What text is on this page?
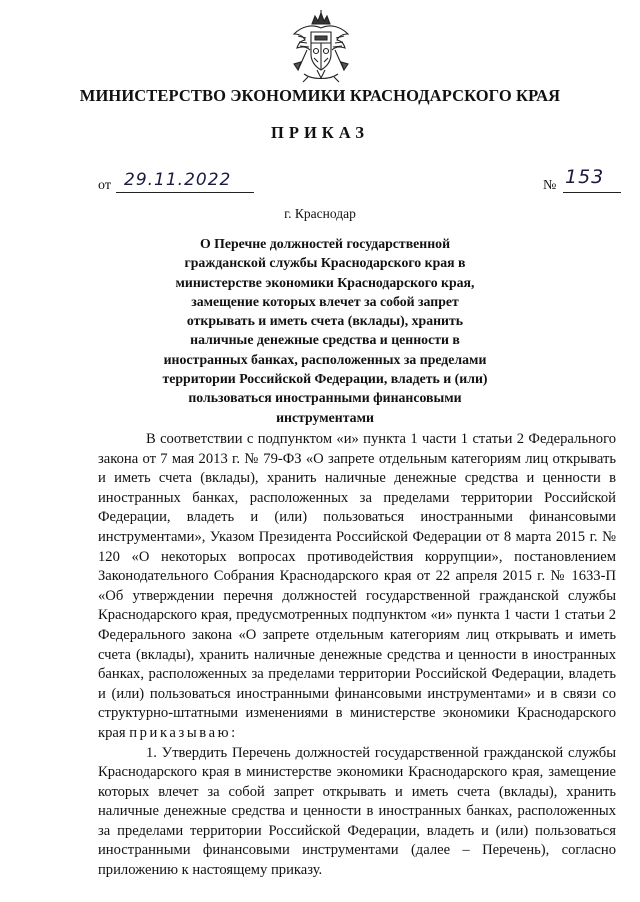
МИНИСТЕРСТВО ЭКОНОМИКИ КРАСНОДАРСКОГО КРАЯ
ПРИКАЗ
от 29.11.2022	№ 153
г. Краснодар
О Перечне должностей государственной гражданской службы Краснодарского края в министерстве экономики Краснодарского края, замещение которых влечет за собой запрет открывать и иметь счета (вклады), хранить наличные денежные средства и ценности в иностранных банках, расположенных за пределами территории Российской Федерации, владеть и (или) пользоваться иностранными финансовыми инструментами

В соответствии с подпунктом «и» пункта 1 части 1 статьи 2 Федерального закона от 7 мая 2013 г. № 79-ФЗ «О запрете отдельным категориям лиц открывать и иметь счета (вклады), хранить наличные денежные средства и ценности в иностранных банках, расположенных за пределами территории Российской Федерации, владеть и (или) пользоваться иностранными финансовыми инструментами», Указом Президента Российской Федерации от 8 марта 2015 г. № 120 «О некоторых вопросах противодействия коррупции», постановлением Законодательного Собрания Краснодарского края от 22 апреля 2015 г. № 1633-П «Об утверждении перечня должностей государственной гражданской службы Краснодарского края, предусмотренных подпунктом «и» пункта 1 части 1 статьи 2 Федерального закона «О запрете отдельным категориям лиц открывать и иметь счета (вклады), хранить наличные денежные средства и ценности в иностранных банках, расположенных за пределами территории Российской Федерации, владеть и (или) пользоваться иностранными финансовыми инструментами» и в связи со структурно-штатными изменениями в министерстве экономики Краснодарского края приказываю:

1. Утвердить Перечень должностей государственной гражданской службы Краснодарского края в министерстве экономики Краснодарского края, замещение которых влечет за собой запрет открывать и иметь счета (вклады), хранить наличные денежные средства и ценности в иностранных банках, расположенных за пределами территории Российской Федерации, владеть и (или) пользоваться иностранными финансовыми инструментами (далее – Перечень), согласно приложению к настоящему приказу.
